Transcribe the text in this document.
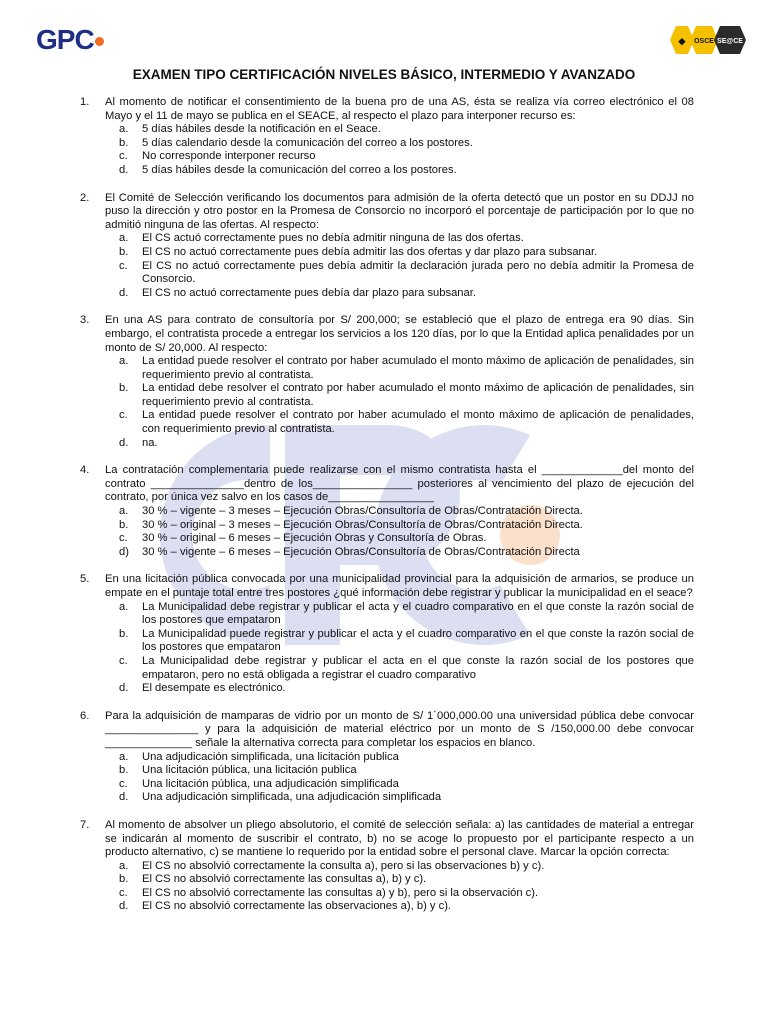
GPC	◆ OSCE SE@CE
EXAMEN TIPO CERTIFICACIÓN NIVELES BÁSICO, INTERMEDIO Y AVANZADO
1. Al momento de notificar el consentimiento de la buena pro de una AS, ésta se realiza vía correo electrónico el 08 Mayo y el 11 de mayo se publica en el SEACE, al respecto el plazo para interponer recurso es:
a. 5 días hábiles desde la notificación en el Seace.
b. 5 días calendario desde la comunicación del correo a los postores.
c. No corresponde interponer recurso
d. 5 días hábiles desde la comunicación del correo a los postores.
2. El Comité de Selección verificando los documentos para admisión de la oferta detectó que un postor en su DDJJ no puso la dirección y otro postor en la Promesa de Consorcio no incorporó el porcentaje de participación por lo que no admitió ninguna de las ofertas. Al respecto:
a. El CS actuó correctamente pues no debía admitir ninguna de las dos ofertas.
b. El CS no actuó correctamente pues debía admitir las dos ofertas y dar plazo para subsanar.
c. El CS no actuó correctamente pues debía admitir la declaración jurada pero no debía admitir la Promesa de Consorcio.
d. El CS no actuó correctamente pues debía dar plazo para subsanar.
3. En una AS para contrato de consultoría por S/ 200,000; se estableció que el plazo de entrega era 90 días. Sin embargo, el contratista procede a entregar los servicios a los 120 días, por lo que la Entidad aplica penalidades por un monto de S/ 20,000. Al respecto:
a. La entidad puede resolver el contrato por haber acumulado el monto máximo de aplicación de penalidades, sin requerimiento previo al contratista.
b. La entidad debe resolver el contrato por haber acumulado el monto máximo de aplicación de penalidades, sin requerimiento previo al contratista.
c. La entidad puede resolver el contrato por haber acumulado el monto máximo de aplicación de penalidades, con requerimiento previo al contratista.
d. na.
4. La contratación complementaria puede realizarse con el mismo contratista hasta el _____________del monto del contrato _______________dentro de los________________ posteriores al vencimiento del plazo de ejecución del contrato, por única vez salvo en los casos de_________________
a. 30 % – vigente – 3 meses – Ejecución Obras/Consultoría de Obras/Contratación Directa.
b. 30 % – original – 3 meses – Ejecución Obras/Consultoría de Obras/Contratación Directa.
c. 30 % – original – 6 meses – Ejecución Obras y Consultoría de Obras.
d) 30 % – vigente – 6 meses – Ejecución Obras/Consultoría de Obras/Contratación Directa
5. En una licitación pública convocada por una municipalidad provincial para la adquisición de armarios, se produce un empate en el puntaje total entre tres postores ¿qué información debe registrar y publicar la municipalidad en el seace?
a. La Municipalidad debe registrar y publicar el acta y el cuadro comparativo en el que conste la razón social de los postores que empataron
b. La Municipalidad puede registrar y publicar el acta y el cuadro comparativo en el que conste la razón social de los postores que empataron
c. La Municipalidad debe registrar y publicar el acta en el que conste la razón social de los postores que empataron, pero no está obligada a registrar el cuadro comparativo
d. El desempate es electrónico.
6. Para la adquisición de mamparas de vidrio por un monto de S/ 1´000,000.00 una universidad pública debe convocar _______________ y para la adquisición de material eléctrico por un monto de S /150,000.00 debe convocar ______________ señale la alternativa correcta para completar los espacios en blanco.
a. Una adjudicación simplificada, una licitación publica
b. Una licitación pública, una licitación publica
c. Una licitación pública, una adjudicación simplificada
d. Una adjudicación simplificada, una adjudicación simplificada
7. Al momento de absolver un pliego absolutorio, el comité de selección señala: a) las cantidades de material a entregar se indicarán al momento de suscribir el contrato, b) no se acoge lo propuesto por el participante respecto a un producto alternativo, c) se mantiene lo requerido por la entidad sobre el personal clave. Marcar la opción correcta:
a. El CS no absolvió correctamente la consulta a), pero si las observaciones b) y c).
b. El CS no absolvió correctamente las consultas a), b) y c).
c. El CS no absolvió correctamente las consultas a) y b), pero si la observación c).
d. El CS no absolvió correctamente las observaciones a), b) y c).
